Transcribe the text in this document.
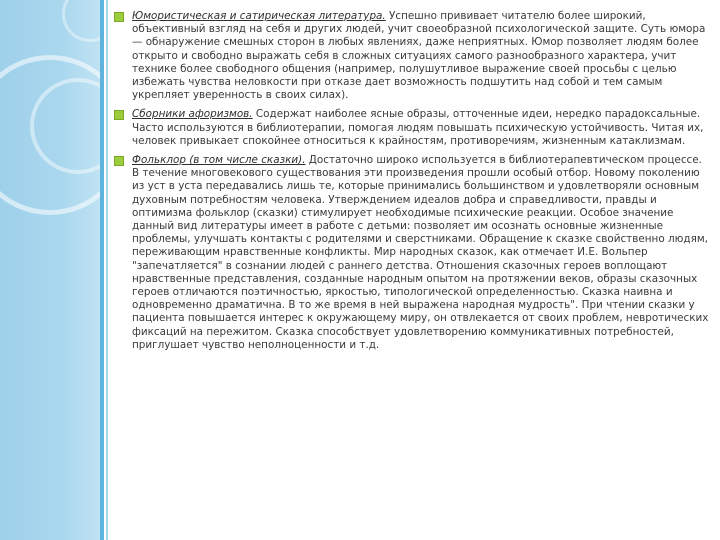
Юмористическая и сатирическая литература. Успешно прививает читателю более широкий, объективный взгляд на себя и других людей, учит своеобразной психологической защите. Суть юмора — обнаружение смешных сторон в любых явлениях, даже неприятных. Юмор позволяет людям более открыто и свободно выражать себя в сложных ситуациях самого разнообразного характера, учит технике более свободного общения (например, полушутливое выражение своей просьбы с целью избежать чувства неловкости при отказе дает возможность подшутить над собой и тем самым укрепляет уверенность в своих силах).
Сборники афоризмов. Содержат наиболее ясные образы, отточенные идеи, нередко парадоксальные. Часто используются в библиотерапии, помогая людям повышать психическую устойчивость. Читая их, человек привыкает спокойнее относиться к крайностям, противоречиям, жизненным катаклизмам.
Фольклор (в том числе сказки). Достаточно широко используется в библиотерапевтическом процессе. В течение многовекового существования эти произведения прошли особый отбор. Новому поколению из уст в уста передавались лишь те, которые принимались большинством и удовлетворяли основным духовным потребностям человека. Утверждением идеалов добра и справедливости, правды и оптимизма фольклор (сказки) стимулирует необходимые психические реакции. Особое значение данный вид литературы имеет в работе с детьми: позволяет им осознать основные жизненные проблемы, улучшать контакты с родителями и сверстниками. Обращение к сказке свойственно людям, переживающим нравственные конфликты. Мир народных сказок, как отмечает И.Е. Вольпер "запечатляется" в сознании людей с раннего детства. Отношения сказочных героев воплощают нравственные представления, созданные народным опытом на протяжении веков, образы сказочных героев отличаются поэтичностью, яркостью, типологической определенностью. Сказка наивна и одновременно драматична. В то же время в ней выражена народная мудрость". При чтении сказки у пациента повышается интерес к окружающему миру, он отвлекается от своих проблем, невротических фиксаций на пережитом. Сказка способствует удовлетворению коммуникативных потребностей, приглушает чувство неполноценности и т.д.
